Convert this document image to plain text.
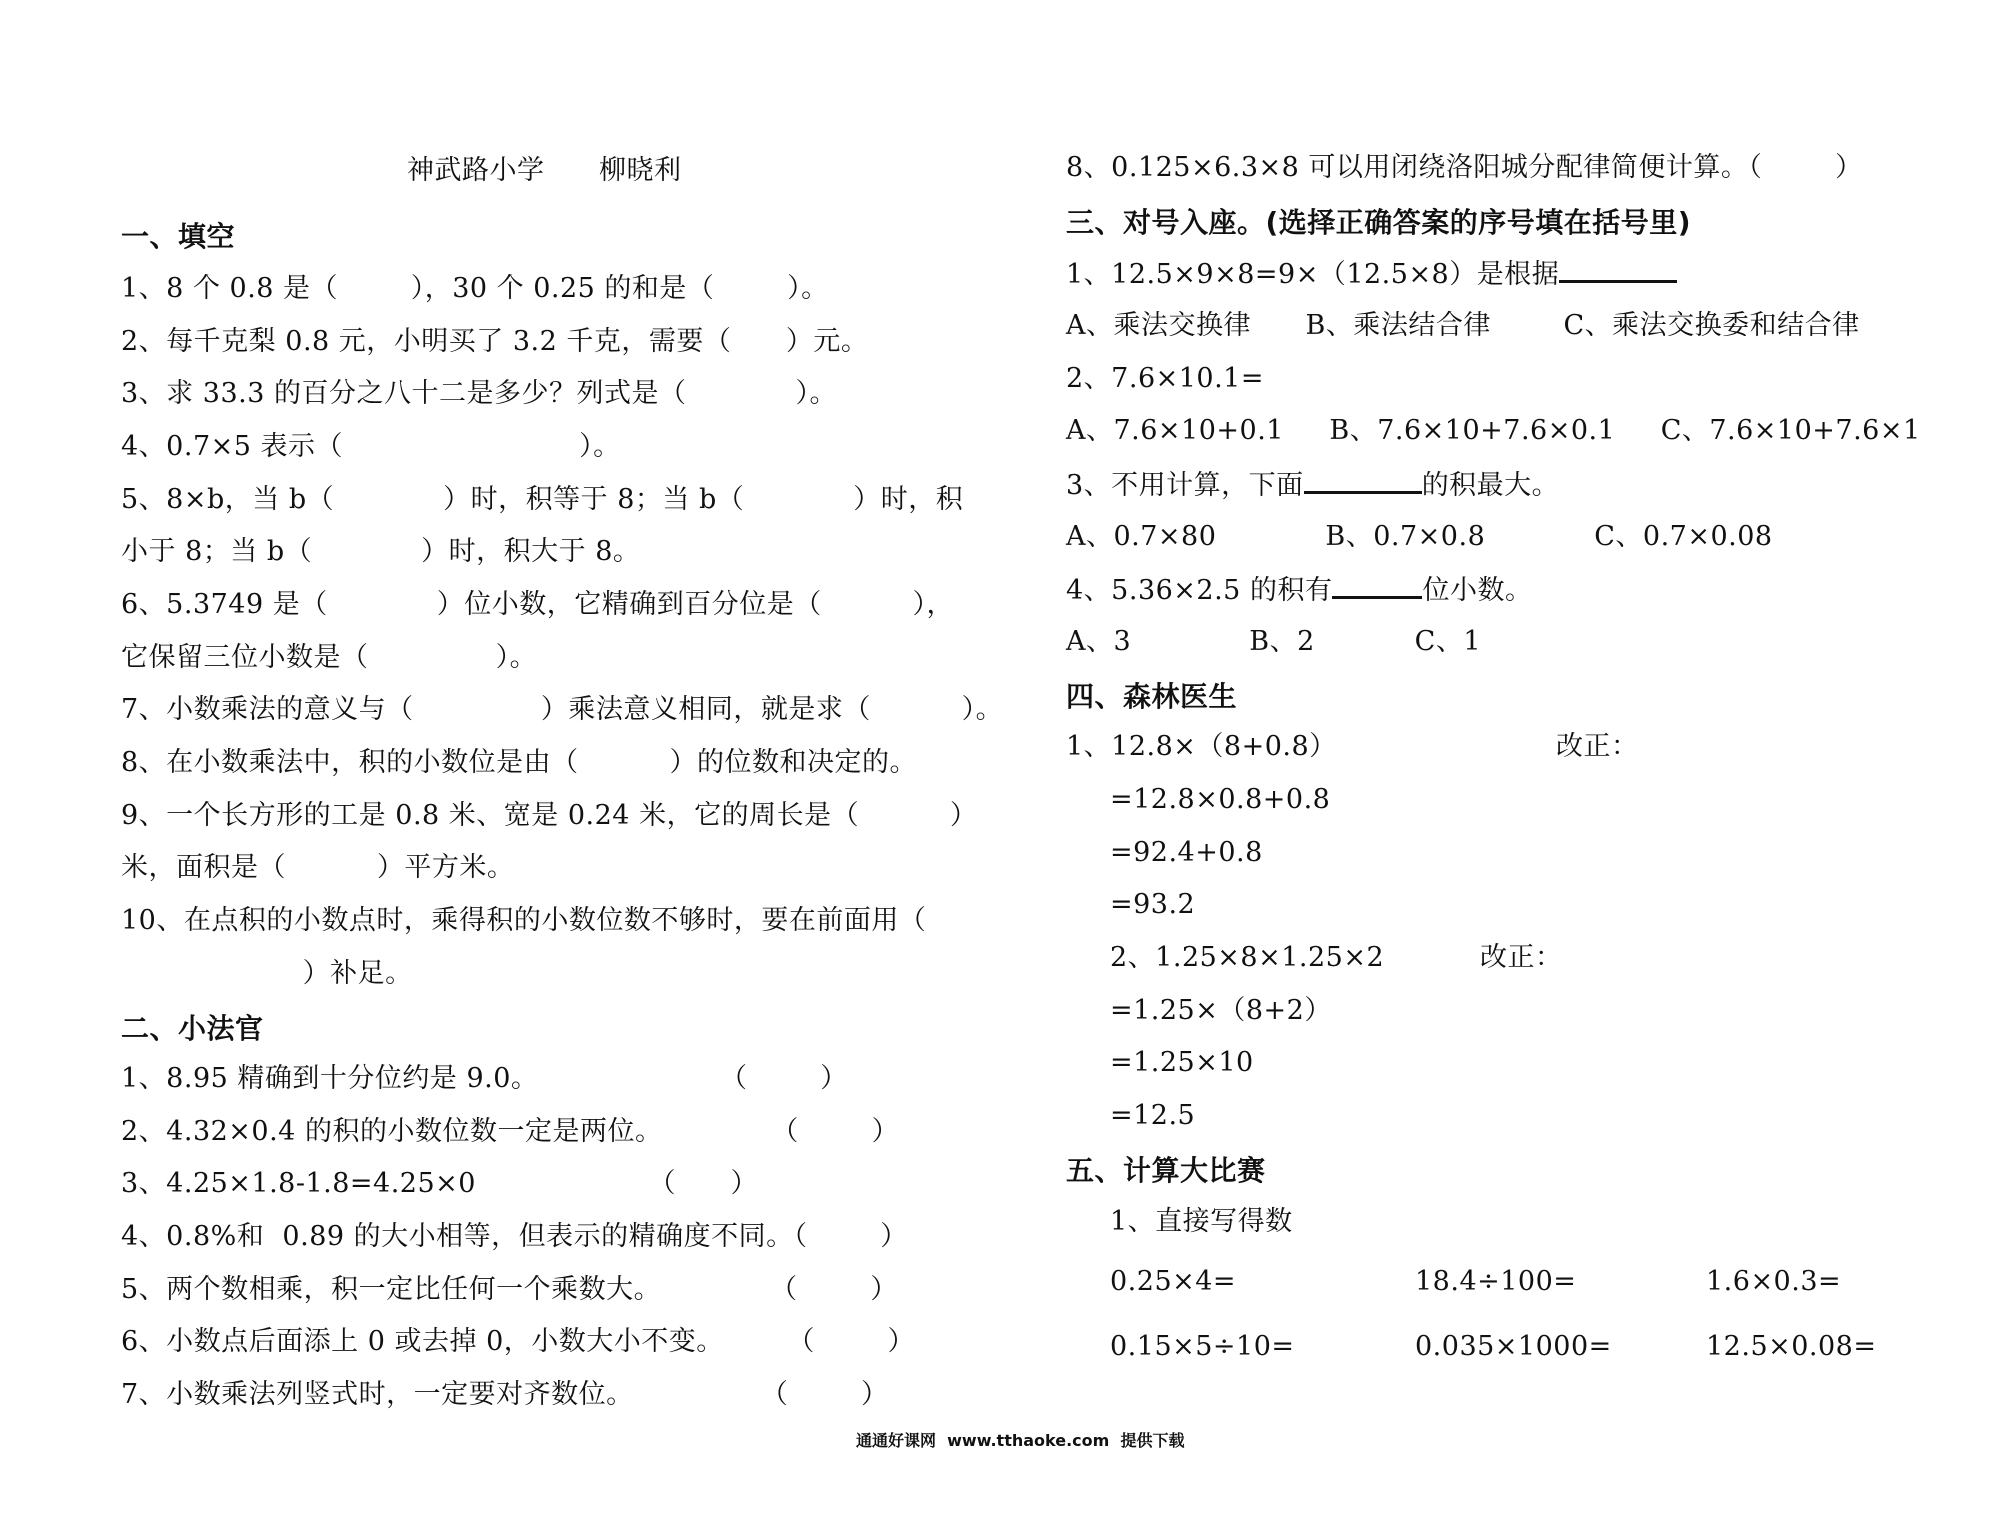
神武路小学      柳晓利
一、填空
1、8 个 0.8 是（        ），30 个 0.25 的和是（        ）。
2、每千克梨 0.8 元，小明买了 3.2 千克，需要（      ）元。
3、求 33.3 的百分之八十二是多少？列式是（            ）。
4、0.7×5 表示（                          ）。
5、8×b，当 b（            ）时，积等于 8；当 b（            ）时，积
小于 8；当 b（            ）时，积大于 8。
6、5.3749 是（            ）位小数，它精确到百分位是（          ），
它保留三位小数是（              ）。
7、小数乘法的意义与（              ）乘法意义相同，就是求（          ）。
8、在小数乘法中，积的小数位是由（          ）的位数和决定的。
9、一个长方形的工是 0.8 米、宽是 0.24 米，它的周长是（          ）
米，面积是（          ）平方米。
10、在点积的小数点时，乘得积的小数位数不够时，要在前面用（
）补足。
二、小法官
1、8.95 精确到十分位约是 9.0。                    （        ）
2、4.32×0.4 的积的小数位数一定是两位。            （        ）
3、4.25×1.8-1.8=4.25×0                   （      ）
4、0.8%和  0.89 的大小相等，但表示的精确度不同。（        ）
5、两个数相乘，积一定比任何一个乘数大。            （        ）
6、小数点后面添上 0 或去掉 0，小数大小不变。       （        ）
7、小数乘法列竖式时，一定要对齐数位。              （        ）
8、0.125×6.3×8 可以用闭绕洛阳城分配律简便计算。（        ）
三、对号入座。(选择正确答案的序号填在括号里)
1、12.5×9×8=9×（12.5×8）是根据
A、乘法交换律      B、乘法结合律        C、乘法交换委和结合律
2、7.6×10.1=
A、7.6×10+0.1     B、7.6×10+7.6×0.1     C、7.6×10+7.6×1
3、不用计算，下面	的积最大。
A、0.7×80            B、0.7×0.8            C、0.7×0.08
4、5.36×2.5 的积有	位小数。
A、3             B、2           C、1
四、森林医生
1、12.8×（8+0.8）	改正：
=12.8×0.8+0.8
=92.4+0.8
=93.2
2、1.25×8×1.25×2	改正：
=1.25×（8+2）
=1.25×10
=12.5
五、计算大比赛
1、直接写得数
0.25×4=	18.4÷100=	1.6×0.3=
0.15×5÷10=	0.035×1000=	12.5×0.08=
通通好课网  www.tthaoke.com  提供下载
